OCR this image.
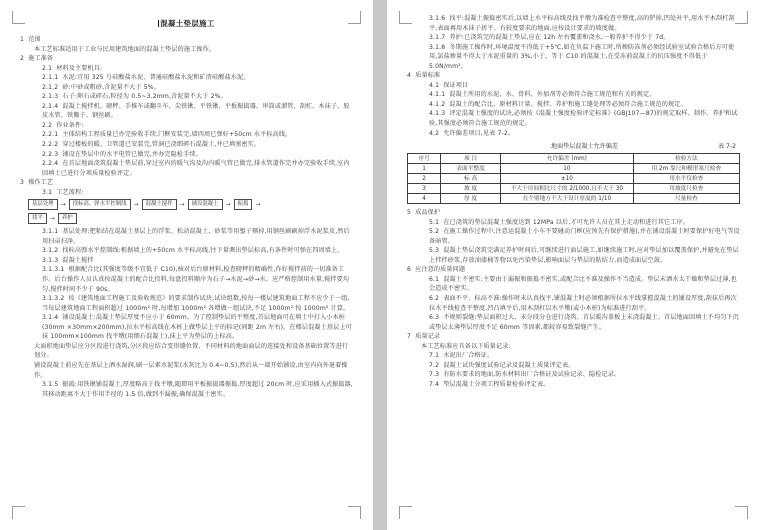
混凝土垫层施工

1  范围

本工艺标准适用于工业与民用建筑地面的混凝土垫层的施工操作。

2  施工准备

2.1  材料及主要机具:

2.1.1  水泥:宜用 325 号硅酸盐水泥、普通硅酸盐水泥和矿渣硅酸盐水泥。

2.1.2  砂:中砂或粗砂,含泥量不大于 5%。

2.1.3  石子:卵石或碎石,粒径为 0.5~3.2mm,含泥量不大于 2%。

2.1.4  混凝土搅拌机、磅秤、手推车或翻斗车、尖铁锹、平铁锹、平板振捣器、串筒或溜管、刮杠、木抹子、胶皮水管、铁簸子、钢丝刷。

2.2  作业条件:

2.2.1  主体结构工程质量已办完验收手续,门框安装完,墙四周已弹好+50cm 水平标高线。

2.2.2  穿过楼板的暖、卫管道已安装完,管洞已浇细碎石混凝土,并已填塞密实。

2.2.3  铺设在垫层中的水平电管已做完,并办完隐检手续。

2.2.4  在首层地面浇筑混凝土垫层前,穿过室内的暖气沟及沟内暖气管已做完,排水管道作完并办完验收手续,室内回填土已进行分项质量检验评定。

3  操作工艺

3.1  工艺流程:

基层处理	→	找标高、弹水平控制线	→	混凝土搅拌	→	铺设混凝土	→	振捣	→
找平	→	养护

3.1.1  基层处理:把粘结在混凝土基层上的浮浆、松动混凝土、砂浆等用錾子剔掉,用钢丝刷刷掉浮水泥浆皮,然后用扫帚扫净。

3.1.2  找标高弹水平控制线:根据墙上的+50cm 水平标高线,往下量测出垫层标高,有条件时可弹在四周墙上。

3.1.3  混凝土搅拌

3.1.3.1  根据配合比(其强度等级不宜低于 C10),核对后台原材料,检查磅秤的精确性,作好搅拌前的一切准备工作。后台操作人员认真按混凝土的配合比投料,每盘投料顺序为石子→水泥→砂→水。应严格控制用水量,搅拌要均匀,搅拌时间不少于 90s。

3.1.3.2  按《建筑地面工程施工及验收规范》的要求制作试块,试块组数,按每一楼层建筑地面工程不应少于一组,当每层建筑地面工程面积超过 1000m² 时,每增加 1000m² 各增做一组试块,不足 1000m² 按 1000m² 计算。

3.1.4  铺设混凝土:混凝土垫层厚度不应小于 60mm。为了控制垫层的平整度,首层地面可在填土中打入小木桩(30mm ×30mm×200mm),拉水平标高线在木桩上做垫层上平的标记(间距 2m 左右)。在楼层混凝土基层上可抹 100mm×100mm 找平墩(用细石混凝土),抹上平为垫层的上标高。

大面积地面垫层应分区段进行浇筑,分区段应结合变形缝位置、不同材料的地面面层的连接处和设备基础位置等进行划分。

铺设混凝土前应先在基层上洒水湿润,刷一层素水泥浆(水灰比为 0.4~0.5),然后从一端开始铺设,由室内向外退着操作。

3.1.5  振捣:用铁锹铺混凝土,厚度略高于找平墩,随即用平板振捣器振捣,厚度超过 20cm 时,应采用插入式振捣器,其移动距离不大于作用半径的 1.5 倍,做到不漏振,确保混凝土密实。

3.1.6  找平:混凝土振捣密实后,以墙上水平标高线及找平墩为准检查平整度,高的铲掉,凹处补平,用水平木刮杠刮平,表面再用木抹子搓平。有较度要求的地面,应按设计要求的坡度做。

3.1.7  养护:已浇筑完的混凝土垫层,应在 12h 左右覆盖和浇水,一般养护不得少于 7d。

3.1.8  冬期施工操作时,环境温度不得低于+5℃,如在负温下施工时,所掺防冻剂必须经试验室试验合格后方可使用,氯盐掺量不得大于水泥重量的 3%,小于、等于 C10 的混凝土,在受冻前混凝土的抗压强度不得低于 5.0N/mm²。

4  质量标准

4.1  保证项目

4.1.1  混凝土所用的水泥、水、骨料、外加剂等必须符合施工规范和有关的规定。

4.1.2  混凝土的配合比、原材料计量、搅拌、养护和施工缝处理等必须符合施工规范的规定。

4.1.3  评定混凝土强度的试块,必须按《混凝土强度检验评定标准》(GBJ107—87)的规定取样、制作、养护和试验,其强度必须符合施工规范的规定。

4.2  允许偏差项目,见表 7-2。

地面垫层混凝土允许偏差	表 7-2
序号	项 目	允许偏差 (mm)	检验方法
1	表面平整度	10	用 2m 靠尺和楔形塞尺检查
2	标 高	±10	用水平仪检查
3	坡 度	不大于房间相比尺寸的 2/1000,且不大于 30	用坡度尺检查
4	厚 度	在个别地方不大于设计厚度的 1/10	尺量检查

5  成品保护

5.1  在已浇筑的垫层混凝土强度达到 12MPa 以后,才可允许人员在其上走动和进行其它工序。

5.2  在施工操作过程中,注意运混凝土小车不要碰动门框(应预先有保护措施),并在铺设混凝土时要保护好电气等设备暗管。

5.3  混凝土垫层浇筑完满足养护时间后,可继续进行面层施工,如继续施工时,应对垫层加以覆盖保护,并避免在垫层上拌拌砂浆,存放油漆桶等物以免污染垫层,影响面层与垫层的粘结力,而造成面层空鼓。

6  应注意的质量问题

6.1  混凝土不密实:主要由于漏振和振捣不密实,或配合比不准及操作不当造成。垫层末洒水太干燥和垫层过薄,也会造成不密实。

6.2  表面不平、标高不准:操作时未认真找平,铺混凝土时必须根据所拉水平线掌握混凝土的铺设厚度,刮抹后再次拉水平线检查平整度,凹凸填平后,用木刮杠以水平墩(或小木桩)为标准进行刮平。

6.3  不规则裂缝:垫层面积过大、未分段分仓进行浇筑、首层暖沟盖板上未浇混凝土、首层地面回填土不均匀下沉或垫层太薄垫层厚度不足 60mm 等因素,都较容易致裂缝产生。

7  质量记录

本工艺标准应具备以下质量记录:

7.1  水泥出厂合格证。

7.2  混凝土试块强度试验记录及混凝土质量评定表。

7.3  有防水要求的地面,防水材料出厂合格证及试验记录、隐检记录。

7.4  垫层混凝土分项工程质量检验评定表。
